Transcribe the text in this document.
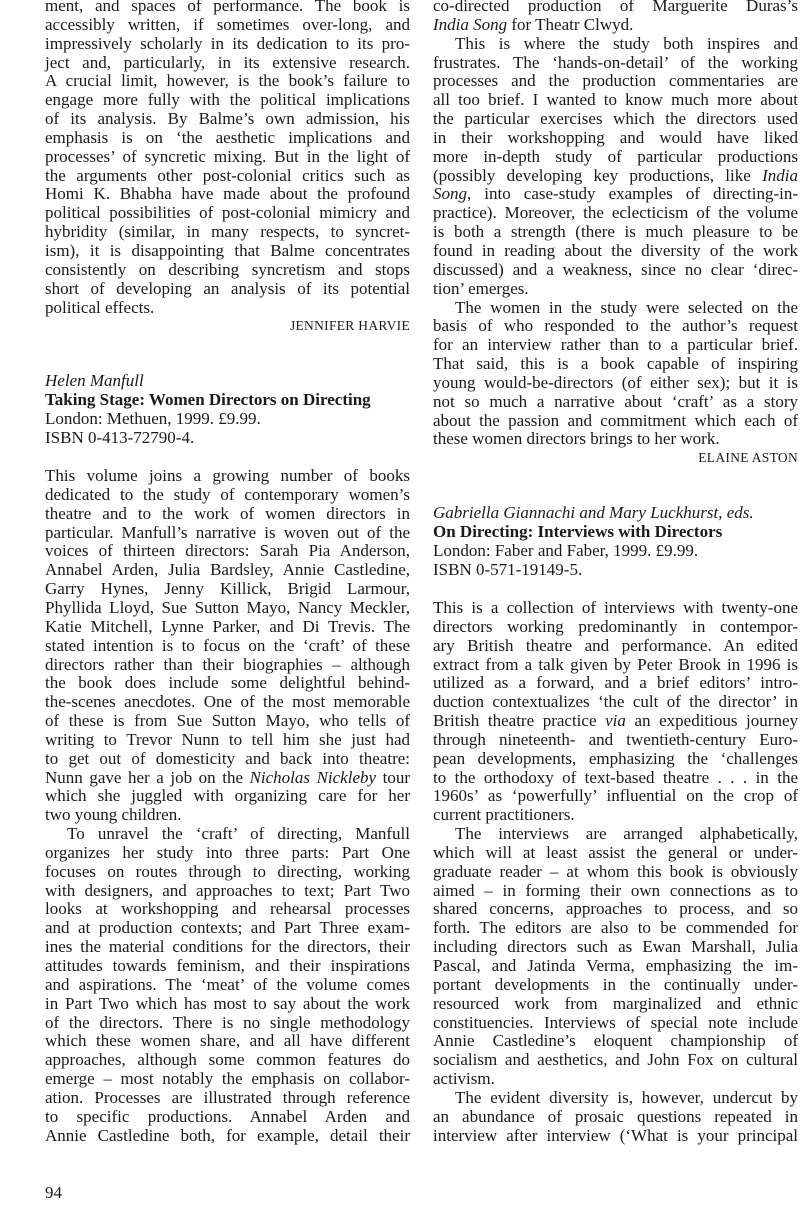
ment, and spaces of performance. The book is
accessibly written, if sometimes over-long, and
impressively scholarly in its dedication to its pro-
ject and, particularly, in its extensive research.
A crucial limit, however, is the book’s failure to
engage more fully with the political implications
of its analysis. By Balme’s own admission, his
emphasis is on ‘the aesthetic implications and
processes’ of syncretic mixing. But in the light of
the arguments other post-colonial critics such as
Homi K. Bhabha have made about the profound
political possibilities of post-colonial mimicry and
hybridity (similar, in many respects, to syncret-
ism), it is disappointing that Balme concentrates
consistently on describing syncretism and stops
short of developing an analysis of its potential
political effects.
JENNIFER HARVIE
Helen Manfull
Taking Stage: Women Directors on Directing
London: Methuen, 1999. £9.99.
ISBN 0-413-72790-4.
This volume joins a growing number of books
dedicated to the study of contemporary women’s
theatre and to the work of women directors in
particular. Manfull’s narrative is woven out of the
voices of thirteen directors: Sarah Pia Anderson,
Annabel Arden, Julia Bardsley, Annie Castledine,
Garry Hynes, Jenny Killick, Brigid Larmour,
Phyllida Lloyd, Sue Sutton Mayo, Nancy Meckler,
Katie Mitchell, Lynne Parker, and Di Trevis. The
stated intention is to focus on the ‘craft’ of these
directors rather than their biographies – although
the book does include some delightful behind-
the-scenes anecdotes. One of the most memorable
of these is from Sue Sutton Mayo, who tells of
writing to Trevor Nunn to tell him she just had
to get out of domesticity and back into theatre:
Nunn gave her a job on the Nicholas Nickleby tour
which she juggled with organizing care for her
two young children.
To unravel the ‘craft’ of directing, Manfull
organizes her study into three parts: Part One
focuses on routes through to directing, working
with designers, and approaches to text; Part Two
looks at workshopping and rehearsal processes
and at production contexts; and Part Three exam-
ines the material conditions for the directors, their
attitudes towards feminism, and their inspirations
and aspirations. The ‘meat’ of the volume comes
in Part Two which has most to say about the work
of the directors. There is no single methodology
which these women share, and all have different
approaches, although some common features do
emerge – most notably the emphasis on collabor-
ation. Processes are illustrated through reference
to specific productions. Annabel Arden and
Annie Castledine both, for example, detail their
co-directed production of Marguerite Duras’s
India Song for Theatr Clwyd.
This is where the study both inspires and
frustrates. The ‘hands-on-detail’ of the working
processes and the production commentaries are
all too brief. I wanted to know much more about
the particular exercises which the directors used
in their workshopping and would have liked
more in-depth study of particular productions
(possibly developing key productions, like India
Song, into case-study examples of directing-in-
practice). Moreover, the eclecticism of the volume
is both a strength (there is much pleasure to be
found in reading about the diversity of the work
discussed) and a weakness, since no clear ‘direc-
tion’ emerges.
The women in the study were selected on the
basis of who responded to the author’s request
for an interview rather than to a particular brief.
That said, this is a book capable of inspiring
young would-be-directors (of either sex); but it is
not so much a narrative about ‘craft’ as a story
about the passion and commitment which each of
these women directors brings to her work.
ELAINE ASTON
Gabriella Giannachi and Mary Luckhurst, eds.
On Directing: Interviews with Directors
London: Faber and Faber, 1999. £9.99.
ISBN 0-571-19149-5.
This is a collection of interviews with twenty-one
directors working predominantly in contempor-
ary British theatre and performance. An edited
extract from a talk given by Peter Brook in 1996 is
utilized as a forward, and a brief editors’ intro-
duction contextualizes ‘the cult of the director’ in
British theatre practice via an expeditious journey
through nineteenth- and twentieth-century Euro-
pean developments, emphasizing the ‘challenges
to the orthodoxy of text-based theatre . . . in the
1960s’ as ‘powerfully’ influential on the crop of
current practitioners.
The interviews are arranged alphabetically,
which will at least assist the general or under-
graduate reader – at whom this book is obviously
aimed – in forming their own connections as to
shared concerns, approaches to process, and so
forth. The editors are also to be commended for
including directors such as Ewan Marshall, Julia
Pascal, and Jatinda Verma, emphasizing the im-
portant developments in the continually under-
resourced work from marginalized and ethnic
constituencies. Interviews of special note include
Annie Castledine’s eloquent championship of
socialism and aesthetics, and John Fox on cultural
activism.
The evident diversity is, however, undercut by
an abundance of prosaic questions repeated in
interview after interview (‘What is your principal
94
